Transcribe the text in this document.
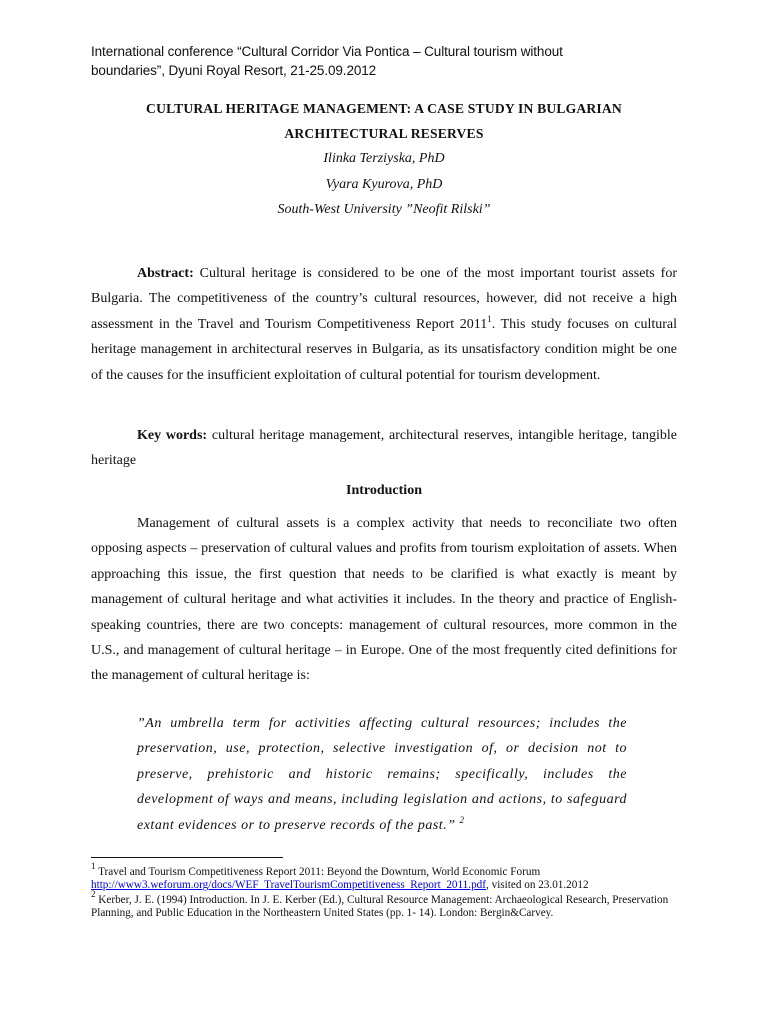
International conference “Cultural Corridor Via Pontica – Cultural tourism without
boundaries”, Dyuni Royal Resort, 21-25.09.2012
CULTURAL HERITAGE MANAGEMENT: A CASE STUDY IN BULGARIAN
ARCHITECTURAL RESERVES
Ilinka Terziyska, PhD
Vyara Kyurova, PhD
South-West University ”Neofit Rilski”
Abstract: Cultural heritage is considered to be one of the most important tourist assets for Bulgaria. The competitiveness of the country’s cultural resources, however, did not receive a high assessment in the Travel and Tourism Competitiveness Report 2011$^1$. This study focuses on cultural heritage management in architectural reserves in Bulgaria, as its unsatisfactory condition might be one of the causes for the insufficient exploitation of cultural potential for tourism development.
Key words: cultural heritage management, architectural reserves, intangible heritage, tangible heritage
Introduction
Management of cultural assets is a complex activity that needs to reconciliate two often opposing aspects – preservation of cultural values and profits from tourism exploitation of assets. When approaching this issue, the first question that needs to be clarified is what exactly is meant by management of cultural heritage and what activities it includes. In the theory and practice of English-speaking countries, there are two concepts: management of cultural resources, more common in the U.S., and management of cultural heritage – in Europe. One of the most frequently cited definitions for the management of cultural heritage is:
”An umbrella term for activities affecting cultural resources; includes the preservation, use, protection, selective investigation of, or decision not to preserve, prehistoric and historic remains; specifically, includes the development of ways and means, including legislation and actions, to safeguard extant evidences or to preserve records of the past.” $^2$
$^1$ Travel and Tourism Competitiveness Report 2011: Beyond the Downturn, World Economic Forum
http://www3.weforum.org/docs/WEF_TravelTourismCompetitiveness_Report_2011.pdf, visited on 23.01.2012
$^2$ Kerber, J. E. (1994) Introduction. In J. E. Kerber (Ed.), Cultural Resource Management: Archaeological Research, Preservation Planning, and Public Education in the Northeastern United States (pp. 1- 14). London: Bergin&Carvey.
